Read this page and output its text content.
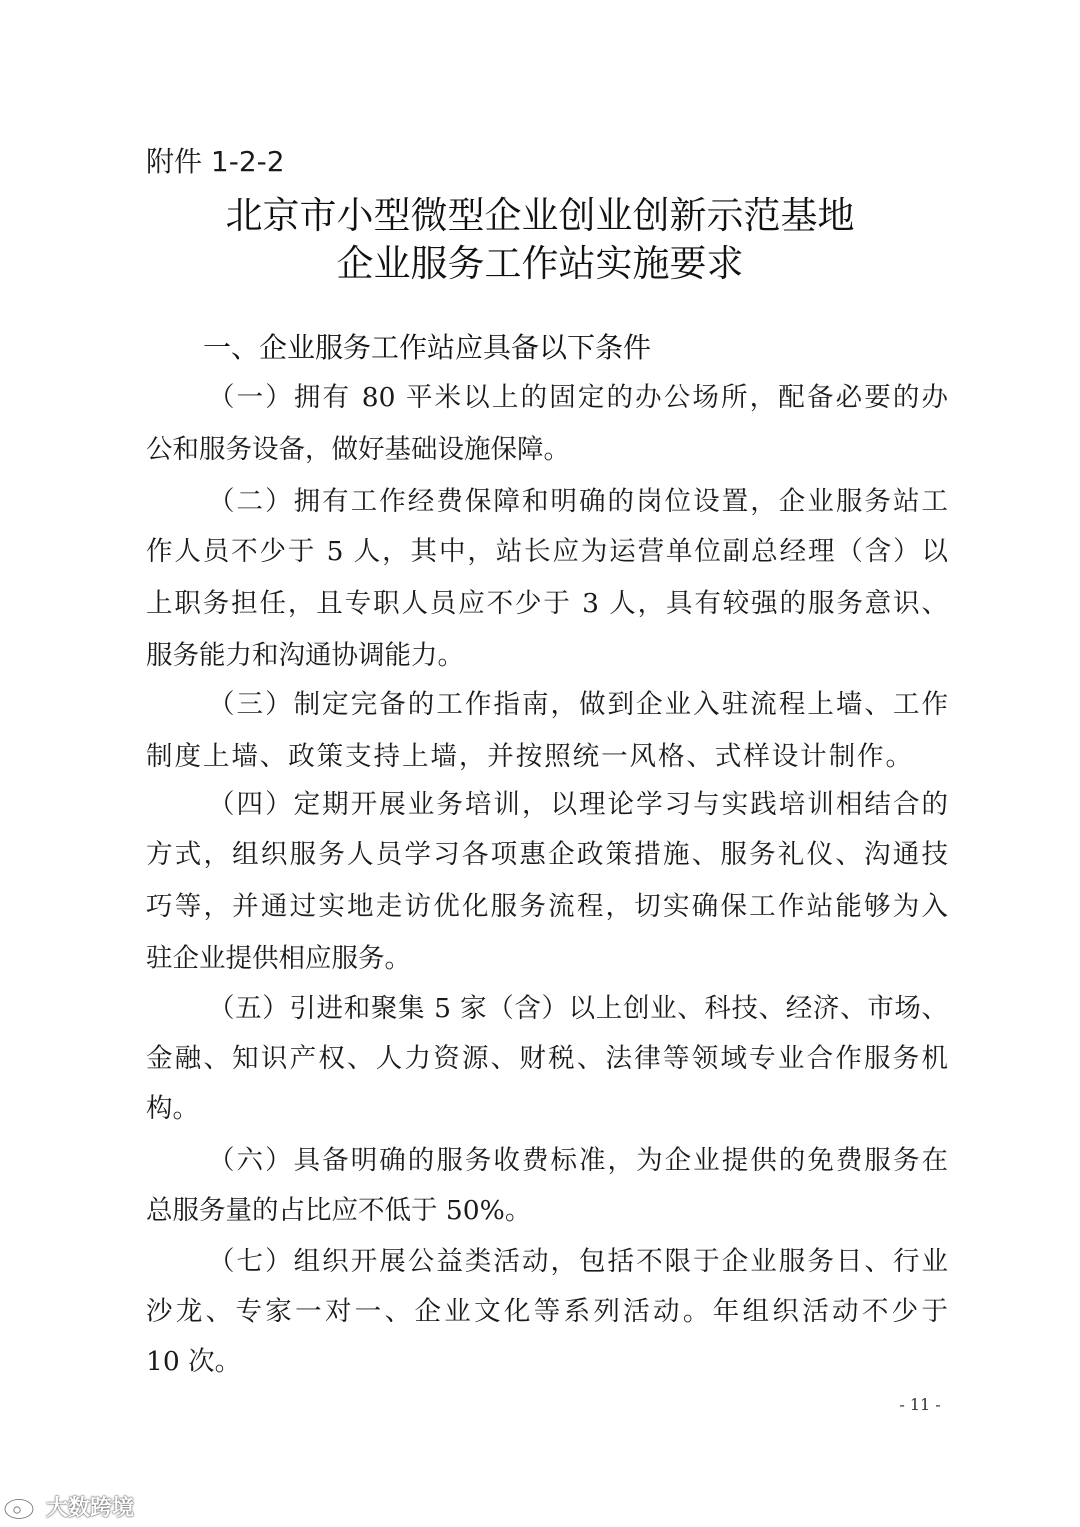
附件 1-2-2
北京市小型微型企业创业创新示范基地
企业服务工作站实施要求
一、企业服务工作站应具备以下条件
（一）拥有 80 平米以上的固定的办公场所，配备必要的办
公和服务设备，做好基础设施保障。
（二）拥有工作经费保障和明确的岗位设置，企业服务站工
作人员不少于 5 人，其中，站长应为运营单位副总经理（含）以
上职务担任，且专职人员应不少于 3 人，具有较强的服务意识、
服务能力和沟通协调能力。
（三）制定完备的工作指南，做到企业入驻流程上墙、工作
制度上墙、政策支持上墙，并按照统一风格、式样设计制作。
（四）定期开展业务培训，以理论学习与实践培训相结合的
方式，组织服务人员学习各项惠企政策措施、服务礼仪、沟通技
巧等，并通过实地走访优化服务流程，切实确保工作站能够为入
驻企业提供相应服务。
（五）引进和聚集 5 家（含）以上创业、科技、经济、市场、
金融、知识产权、人力资源、财税、法律等领域专业合作服务机
构。
（六）具备明确的服务收费标准，为企业提供的免费服务在
总服务量的占比应不低于 50%。
（七）组织开展公益类活动，包括不限于企业服务日、行业
沙龙、专家一对一、企业文化等系列活动。年组织活动不少于
10 次。
- 11 -
大数跨境
